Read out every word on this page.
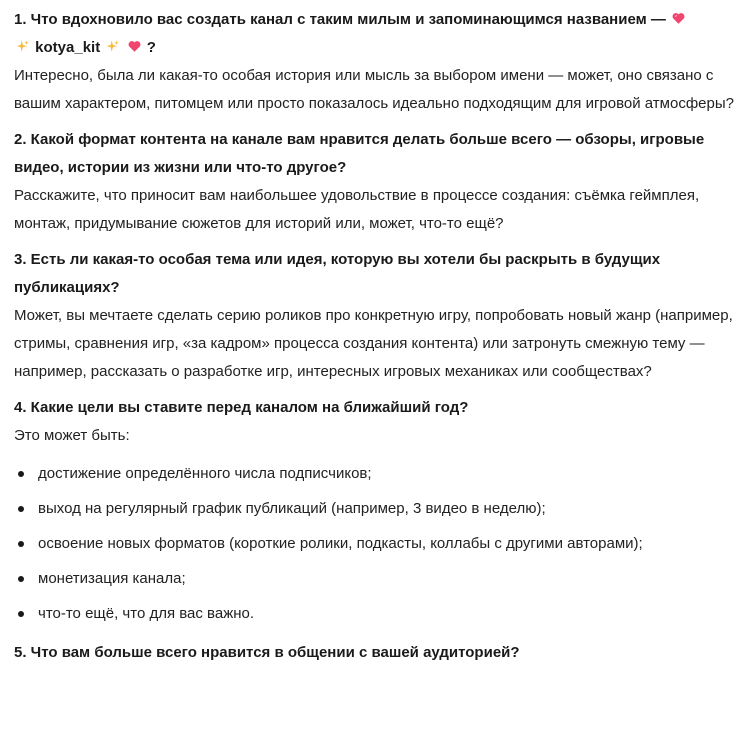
1. Что вдохновило вас создать канал с таким милым и запоминающимся названием —
kotya_kit	?

Интересно, была ли какая-то особая история или мысль за выбором имени — может, оно связано с вашим характером, питомцем или просто показалось идеально подходящим для игровой атмосферы?

2. Какой формат контента на канале вам нравится делать больше всего — обзоры, игровые видео, истории из жизни или что-то другое?

Расскажите, что приносит вам наибольшее удовольствие в процессе создания: съёмка геймплея, монтаж, придумывание сюжетов для историй или, может, что-то ещё?

3. Есть ли какая-то особая тема или идея, которую вы хотели бы раскрыть в будущих публикациях?

Может, вы мечтаете сделать серию роликов про конкретную игру, попробовать новый жанр (например, стримы, сравнения игр, «за кадром» процесса создания контента) или затронуть смежную тему — например, рассказать о разработке игр, интересных игровых механиках или сообществах?

4. Какие цели вы ставите перед каналом на ближайший год?

Это может быть:

достижение определённого числа подписчиков;
выход на регулярный график публикаций (например, 3 видео в неделю);
освоение новых форматов (короткие ролики, подкасты, коллабы с другими авторами);
монетизация канала;
что-то ещё, что для вас важно.

5. Что вам больше всего нравится в общении с вашей аудиторией?
